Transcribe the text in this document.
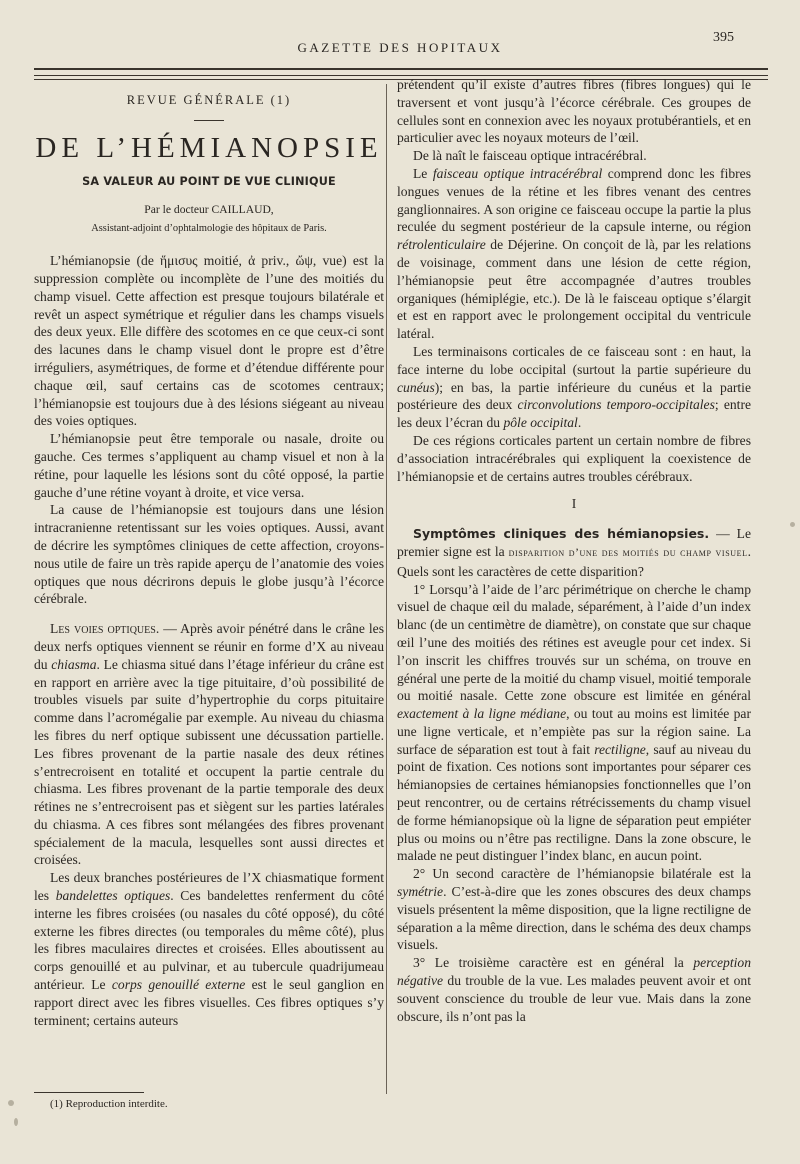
GAZETTE DES HOPITAUX
395
REVUE GÉNÉRALE (1)
DE L’HÉMIANOPSIE
SA VALEUR AU POINT DE VUE CLINIQUE
Par le docteur CAILLAUD,
Assistant-adjoint d’ophtalmologie des hôpitaux de Paris.

L’hémianopsie (de ἥμισυς moitié, ἀ priv., ὤψ, vue) est la suppression complète ou incomplète de l’une des moitiés du champ visuel. Cette affection est presque toujours bilatérale et revêt un aspect symétrique et régulier dans les champs visuels des deux yeux. Elle diffère des scotomes en ce que ceux-ci sont des lacunes dans le champ visuel dont le propre est d’être irréguliers, asymétriques, de forme et d’étendue différente pour chaque œil, sauf certains cas de scotomes centraux; l’hémianopsie est toujours due à des lésions siégeant au niveau des voies optiques.

L’hémianopsie peut être temporale ou nasale, droite ou gauche. Ces termes s’appliquent au champ visuel et non à la rétine, pour laquelle les lésions sont du côté opposé, la partie gauche d’une rétine voyant à droite, et vice versa.

La cause de l’hémianopsie est toujours dans une lésion intracranienne retentissant sur les voies optiques. Aussi, avant de décrire les symptômes cliniques de cette affection, croyons-nous utile de faire un très rapide aperçu de l’anatomie des voies optiques que nous décrirons depuis le globe jusqu’à l’écorce cérébrale.

Les voies optiques. — Après avoir pénétré dans le crâne les deux nerfs optiques viennent se réunir en forme d’X au niveau du chiasma. Le chiasma situé dans l’étage inférieur du crâne est en rapport en arrière avec la tige pituitaire, d’où possibilité de troubles visuels par suite d’hypertrophie du corps pituitaire comme dans l’acromégalie par exemple. Au niveau du chiasma les fibres du nerf optique subissent une décussation partielle. Les fibres provenant de la partie nasale des deux rétines s’entrecroisent en totalité et occupent la partie centrale du chiasma. Les fibres provenant de la partie temporale des deux rétines ne s’entrecroisent pas et siègent sur les parties latérales du chiasma. A ces fibres sont mélangées des fibres provenant spécialement de la macula, lesquelles sont aussi directes et croisées.

Les deux branches postérieures de l’X chiasmatique forment les bandelettes optiques. Ces bandelettes renferment du côté interne les fibres croisées (ou nasales du côté opposé), du côté externe les fibres directes (ou temporales du même côté), plus les fibres maculaires directes et croisées. Elles aboutissent au corps genouillé et au pulvinar, et au tubercule quadrijumeau antérieur. Le corps genouillé externe est le seul ganglion en rapport direct avec les fibres visuelles. Ces fibres optiques s’y terminent; certains auteurs

(1) Reproduction interdite.

prétendent qu’il existe d’autres fibres (fibres longues) qui le traversent et vont jusqu’à l’écorce cérébrale. Ces groupes de cellules sont en connexion avec les noyaux protubérantiels, et en particulier avec les noyaux moteurs de l’œil.

De là naît le faisceau optique intracérébral.

Le faisceau optique intracérébral comprend donc les fibres longues venues de la rétine et les fibres venant des centres ganglionnaires. A son origine ce faisceau occupe la partie la plus reculée du segment postérieur de la capsule interne, ou région rétrolenticulaire de Déjerine. On conçoit de là, par les relations de voisinage, comment dans une lésion de cette région, l’hémianopsie peut être accompagnée d’autres troubles organiques (hémiplégie, etc.). De là le faisceau optique s’élargit et est en rapport avec le prolongement occipital du ventricule latéral.

Les terminaisons corticales de ce faisceau sont : en haut, la face interne du lobe occipital (surtout la partie supérieure du cunéus); en bas, la partie inférieure du cunéus et la partie postérieure des deux circonvolutions temporo-occipitales; entre les deux l’écran du pôle occipital.

De ces régions corticales partent un certain nombre de fibres d’association intracérébrales qui expliquent la coexistence de l’hémianopsie et de certains autres troubles cérébraux.

I

Symptômes cliniques des hémianopsies. — Le premier signe est la disparition d’une des moitiés du champ visuel. Quels sont les caractères de cette disparition?

1° Lorsqu’à l’aide de l’arc périmétrique on cherche le champ visuel de chaque œil du malade, séparément, à l’aide d’un index blanc (de un centimètre de diamètre), on constate que sur chaque œil l’une des moitiés des rétines est aveugle pour cet index. Si l’on inscrit les chiffres trouvés sur un schéma, on trouve en général une perte de la moitié du champ visuel, moitié temporale ou moitié nasale. Cette zone obscure est limitée en général exactement à la ligne médiane, ou tout au moins est limitée par une ligne verticale, et n’empiète pas sur la région saine. La surface de séparation est tout à fait rectiligne, sauf au niveau du point de fixation. Ces notions sont importantes pour séparer ces hémianopsies de certaines hémianopsies fonctionnelles que l’on peut rencontrer, ou de certains rétrécissements du champ visuel de forme hémianopsique où la ligne de séparation peut empiéter plus ou moins ou n’être pas rectiligne. Dans la zone obscure, le malade ne peut distinguer l’index blanc, en aucun point.

2° Un second caractère de l’hémianopsie bilatérale est la symétrie. C’est-à-dire que les zones obscures des deux champs visuels présentent la même disposition, que la ligne rectiligne de séparation a la même direction, dans le schéma des deux champs visuels.

3° Le troisième caractère est en général la perception négative du trouble de la vue. Les malades peuvent avoir et ont souvent conscience du trouble de leur vue. Mais dans la zone obscure, ils n’ont pas la
